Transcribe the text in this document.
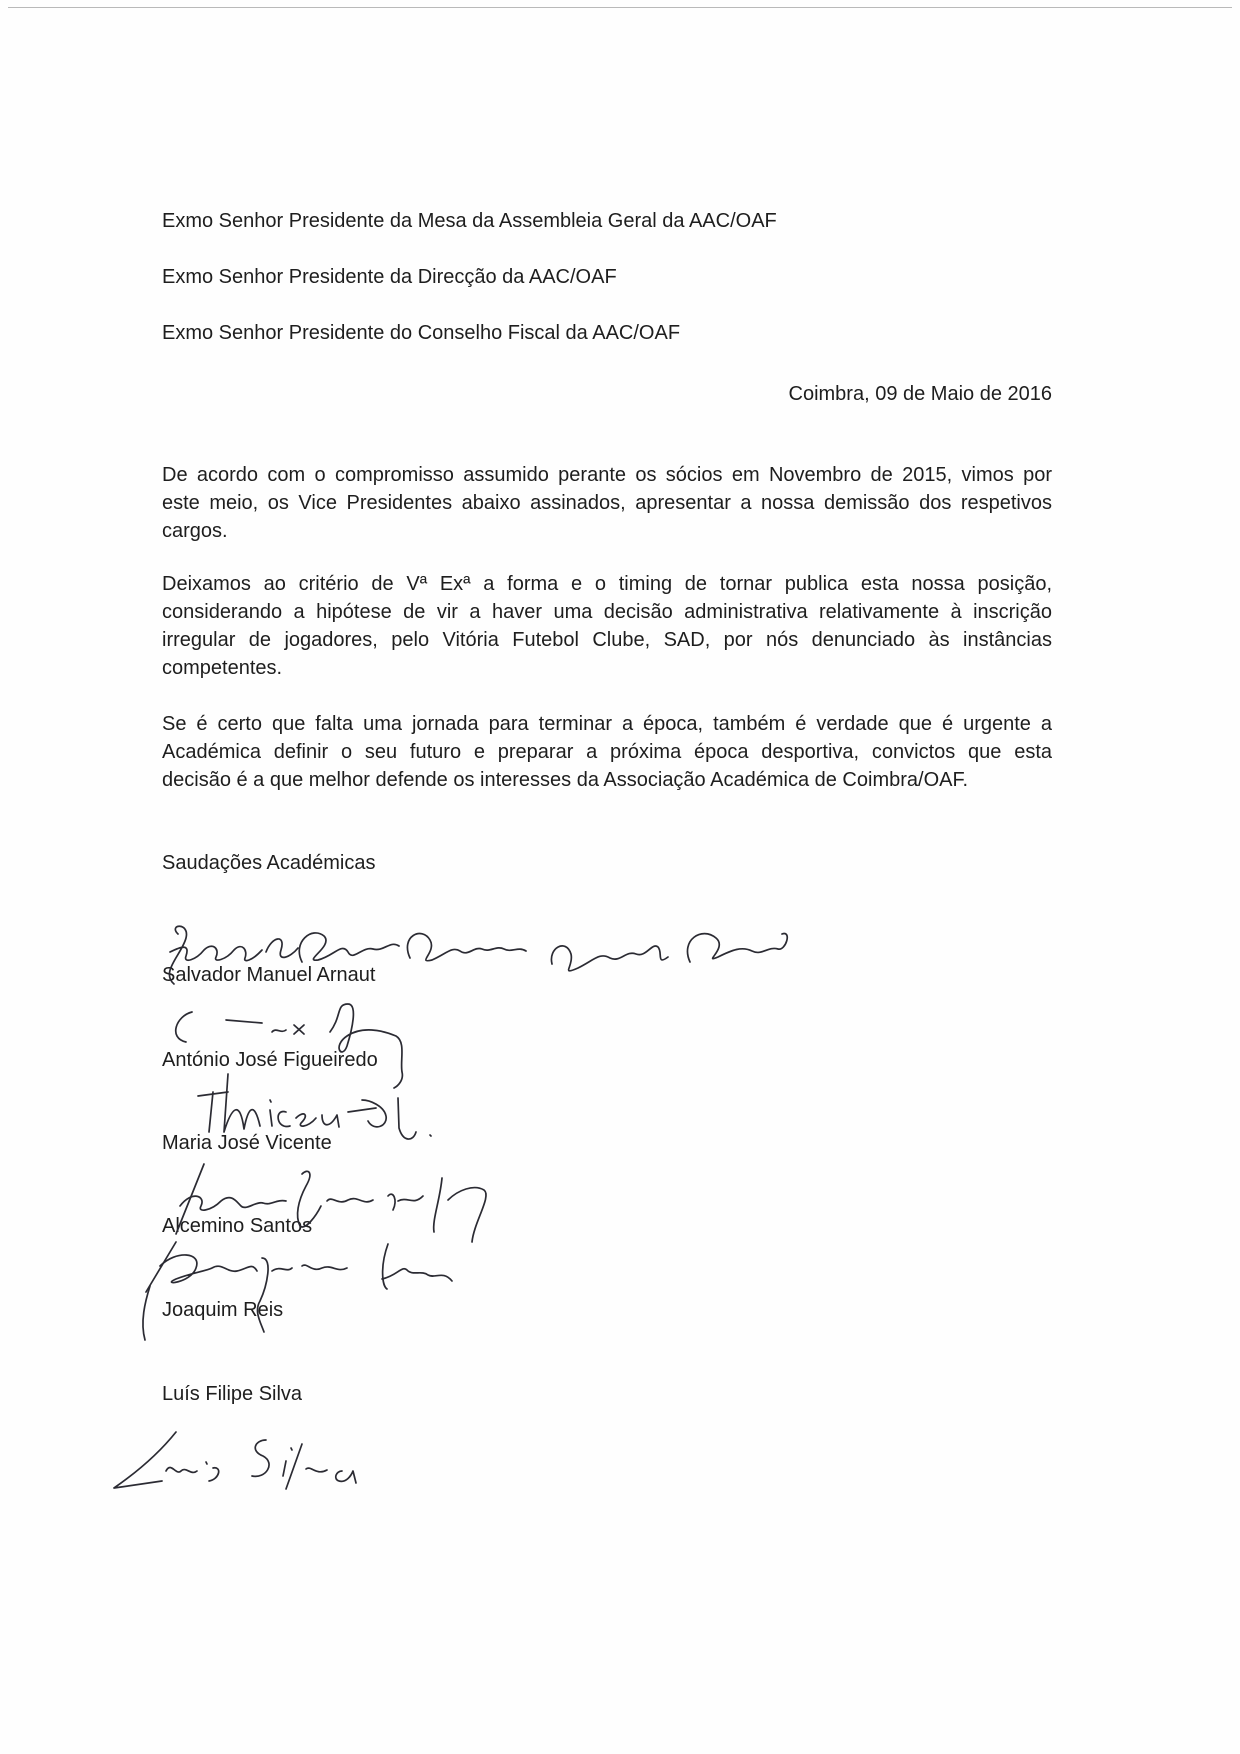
Exmo Senhor Presidente da Mesa da Assembleia Geral da AAC/OAF
Exmo Senhor Presidente da Direcção da AAC/OAF
Exmo Senhor Presidente do Conselho Fiscal da AAC/OAF
Coimbra, 09 de Maio de 2016
De acordo com o compromisso assumido perante os sócios em Novembro de 2015, vimos por
este meio, os Vice Presidentes abaixo assinados, apresentar a nossa demissão dos respetivos
cargos.
Deixamos ao critério de Vª Exª a forma e o timing de tornar publica esta nossa posição,
considerando a hipótese de vir a haver uma decisão administrativa relativamente à inscrição
irregular de jogadores, pelo Vitória Futebol Clube, SAD, por nós denunciado às instâncias
competentes.
Se é certo que falta uma jornada para terminar a época, também é verdade que é urgente a
Académica definir o seu futuro e preparar a próxima época desportiva, convictos que esta
decisão é a que melhor defende os interesses da Associação Académica de Coimbra/OAF.
Saudações Académicas
Salvador Manuel Arnaut
António José Figueiredo
Maria José Vicente
Alcemino Santos
Joaquim Reis
Luís Filipe Silva
